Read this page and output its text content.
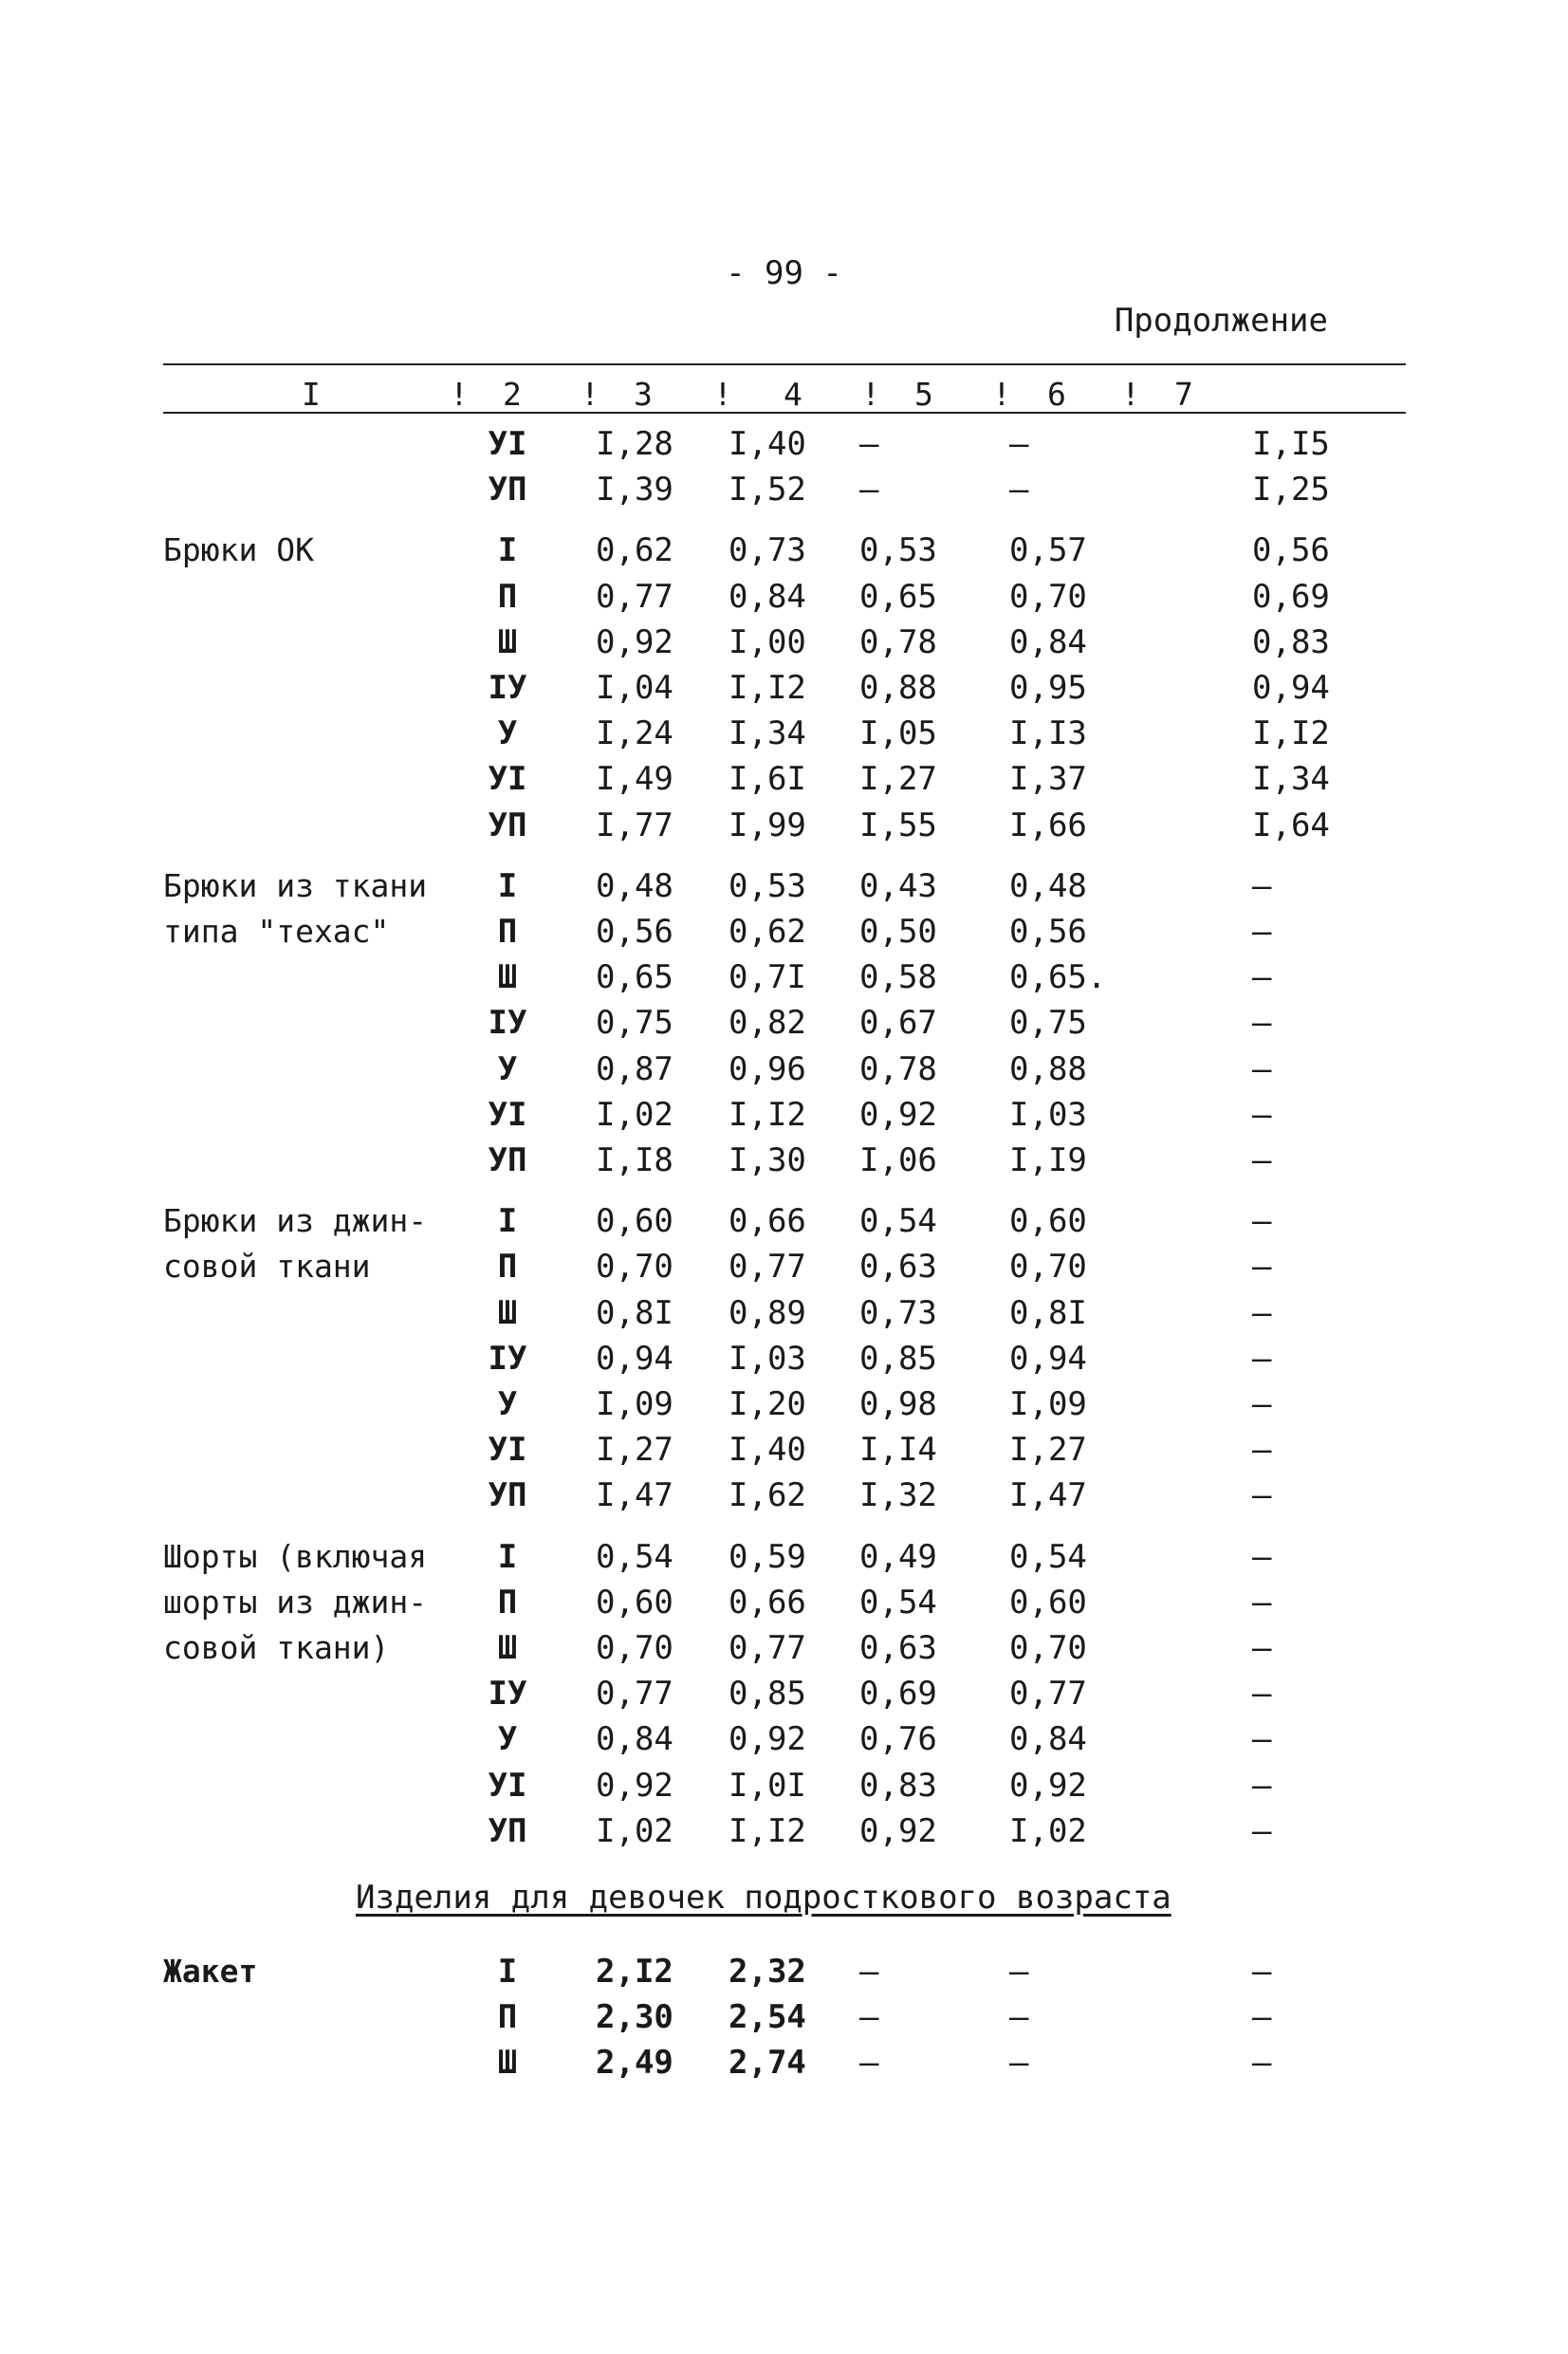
- 99 -
Продолжение
I	! 2 ! 3 ! 4 ! 5 ! 6 ! 7
УI	I,28 I,40 –	–	I,I5
УП	I,39 I,52 –	–	I,25
Брюки ОК	I	0,62 0,73 0,53 0,57	0,56
П	0,77 0,84 0,65 0,70	0,69
Ш	0,92 I,00 0,78 0,84	0,83
IУ	I,04 I,I2 0,88 0,95	0,94
У	I,24 I,34 I,05 I,I3	I,I2
УI	I,49 I,6I I,27 I,37	I,34
УП	I,77 I,99 I,55 I,66	I,64
Брюки из ткани
типа "техас"
I	0,48 0,53 0,43 0,48	–
П	0,56 0,62 0,50 0,56	–
Ш	0,65 0,7I 0,58 0,65.	–
IУ	0,75 0,82 0,67 0,75	–
У	0,87 0,96 0,78 0,88	–
УI	I,02 I,I2 0,92 I,03	–
УП	I,I8 I,30 I,06 I,I9	–
Брюки из джин-
совой ткани
I	0,60 0,66 0,54 0,60	–
П	0,70 0,77 0,63 0,70	–
Ш	0,8I 0,89 0,73 0,8I	–
IУ	0,94 I,03 0,85 0,94	–
У	I,09 I,20 0,98 I,09	–
УI	I,27 I,40 I,I4 I,27	–
УП	I,47 I,62 I,32 I,47	–
Шорты (включая
шорты из джин-
совой ткани)
I	0,54 0,59 0,49 0,54	–
П	0,60 0,66 0,54 0,60	–
Ш	0,70 0,77 0,63 0,70	–
IУ	0,77 0,85 0,69 0,77	–
У	0,84 0,92 0,76 0,84	–
УI	0,92 I,0I 0,83 0,92	–
УП	I,02 I,I2 0,92 I,02	–
Жакет	I	2,I2 2,32 –	–	–
П	2,30 2,54 –	–	–
Ш	2,49 2,74 –	–	–
Изделия для девочек подросткового возраста
